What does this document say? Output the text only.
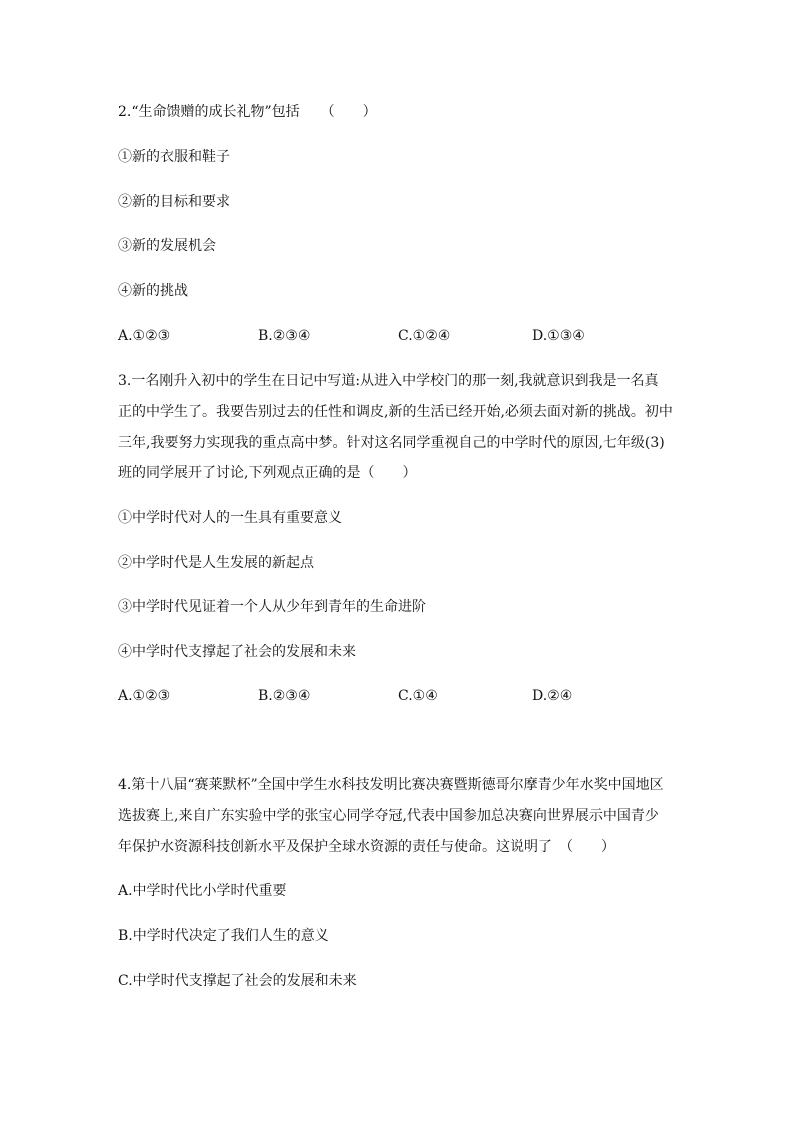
2.“生命馈赠的成长礼物”包括　　（　　）
①新的衣服和鞋子
②新的目标和要求
③新的发展机会
④新的挑战
A.①②③	B.②③④	C.①②④	D.①③④
3.一名刚升入初中的学生在日记中写道:从进入中学校门的那一刻,我就意识到我是一名真
正的中学生了。我要告别过去的任性和调皮,新的生活已经开始,必须去面对新的挑战。初中
三年,我要努力实现我的重点高中梦。针对这名同学重视自己的中学时代的原因,七年级(3)
班的同学展开了讨论,下列观点正确的是（　　）
①中学时代对人的一生具有重要意义
②中学时代是人生发展的新起点
③中学时代见证着一个人从少年到青年的生命进阶
④中学时代支撑起了社会的发展和未来
A.①②③	B.②③④	C.①④	D.②④
4.第十八届“赛莱默杯”全国中学生水科技发明比赛决赛暨斯德哥尔摩青少年水奖中国地区
选拔赛上,来自广东实验中学的张宝心同学夺冠,代表中国参加总决赛向世界展示中国青少
年保护水资源科技创新水平及保护全球水资源的责任与使命。这说明了　（　　）
A.中学时代比小学时代重要
B.中学时代决定了我们人生的意义
C.中学时代支撑起了社会的发展和未来
